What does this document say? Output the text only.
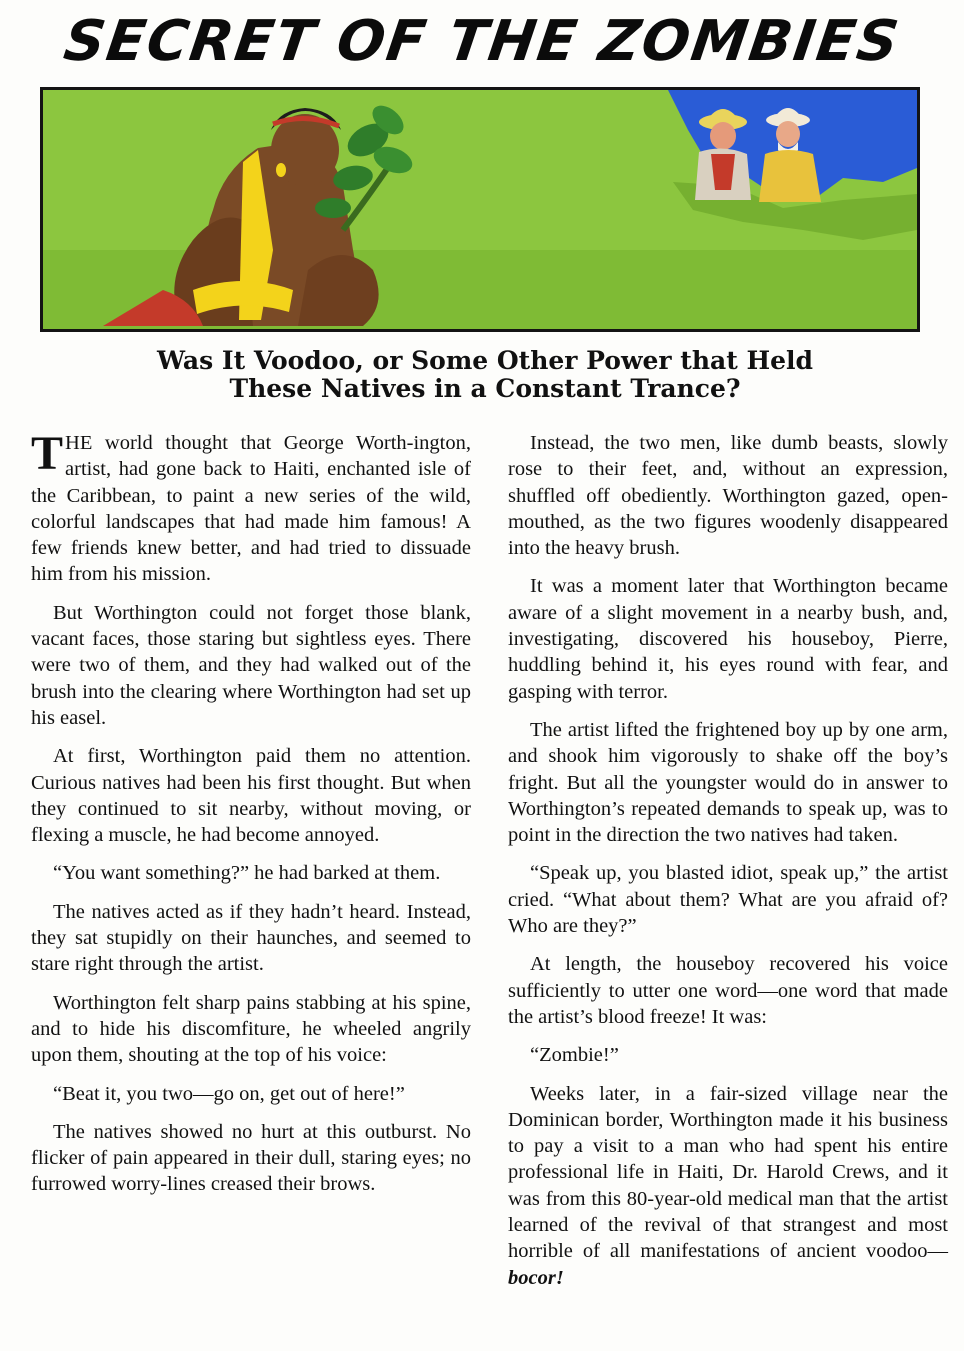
SECRET OF THE ZOMBIES
Was It Voodoo, or Some Other Power that Held
These Natives in a Constant Trance?

THE world thought that George Worth-ington, artist, had gone back to Haiti, enchanted isle of the Caribbean, to paint a new series of the wild, colorful landscapes that had made him famous! A few friends knew better, and had tried to dissuade him from his mission.

But Worthington could not forget those blank, vacant faces, those staring but sightless eyes. There were two of them, and they had walked out of the brush into the clearing where Worthington had set up his easel.

At first, Worthington paid them no attention. Curious natives had been his first thought. But when they continued to sit nearby, without moving, or flexing a muscle, he had become annoyed.

“You want something?” he had barked at them.

The natives acted as if they hadn’t heard. Instead, they sat stupidly on their haunches, and seemed to stare right through the artist.

Worthington felt sharp pains stabbing at his spine, and to hide his discomfiture, he wheeled angrily upon them, shouting at the top of his voice:

“Beat it, you two—go on, get out of here!”

The natives showed no hurt at this outburst. No flicker of pain appeared in their dull, staring eyes; no furrowed worry-lines creased their brows.

Instead, the two men, like dumb beasts, slowly rose to their feet, and, without an expression, shuffled off obediently. Worthington gazed, open-mouthed, as the two figures woodenly disappeared into the heavy brush.

It was a moment later that Worthington became aware of a slight movement in a nearby bush, and, investigating, discovered his houseboy, Pierre, huddling behind it, his eyes round with fear, and gasping with terror.

The artist lifted the frightened boy up by one arm, and shook him vigorously to shake off the boy’s fright. But all the youngster would do in answer to Worthington’s repeated demands to speak up, was to point in the direction the two natives had taken.

“Speak up, you blasted idiot, speak up,” the artist cried. “What about them? What are you afraid of? Who are they?”

At length, the houseboy recovered his voice sufficiently to utter one word—one word that made the artist’s blood freeze! It was:

“Zombie!”

Weeks later, in a fair-sized village near the Dominican border, Worthington made it his business to pay a visit to a man who had spent his entire professional life in Haiti, Dr. Harold Crews, and it was from this 80-year-old medical man that the artist learned of the revival of that strangest and most horrible of all manifestations of ancient voodoo—bocor!
